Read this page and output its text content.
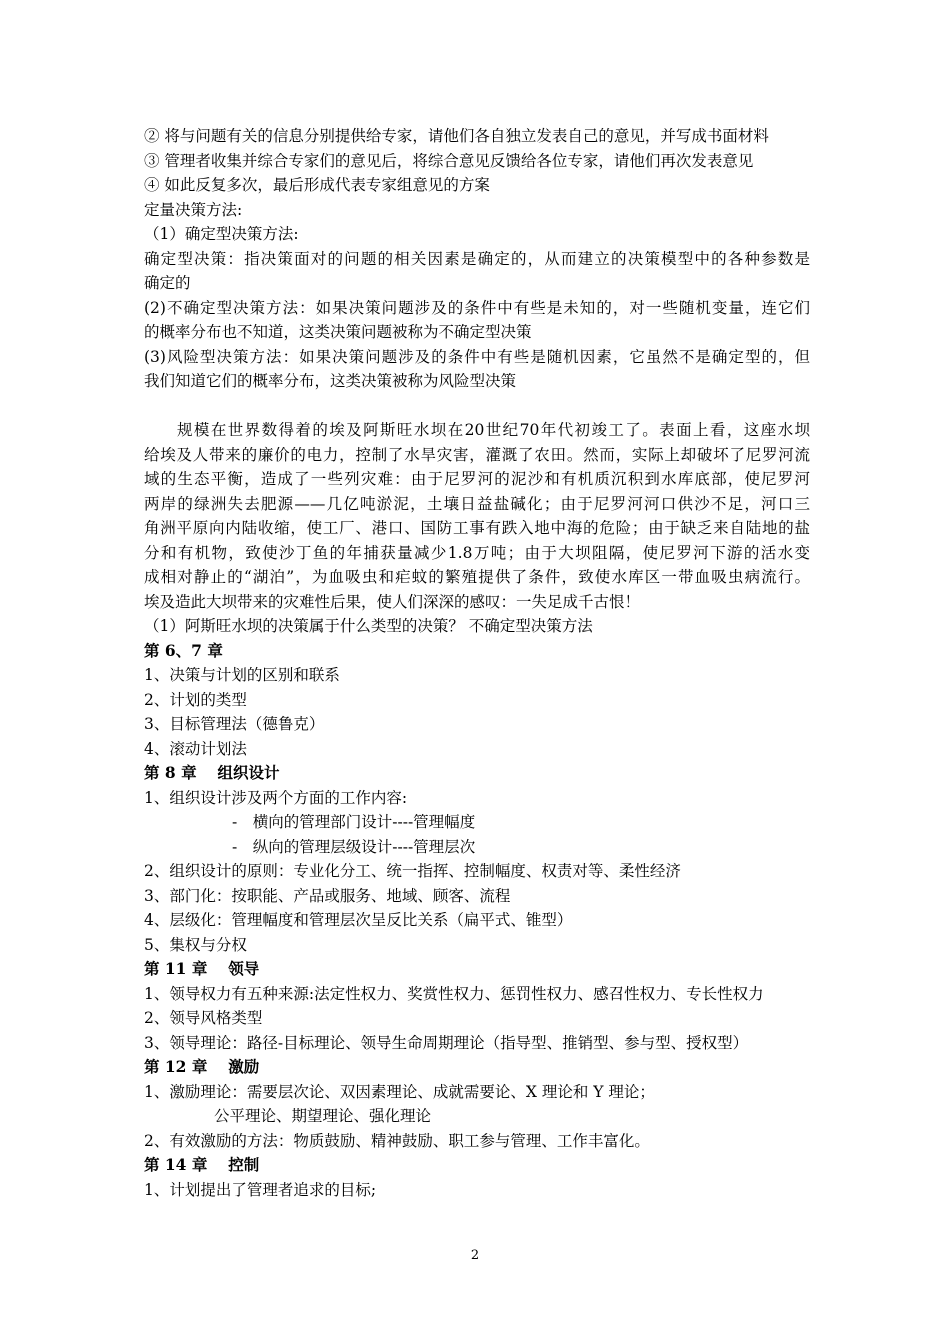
② 将与问题有关的信息分别提供给专家，请他们各自独立发表自己的意见，并写成书面材料
③ 管理者收集并综合专家们的意见后，将综合意见反馈给各位专家，请他们再次发表意见
④ 如此反复多次，最后形成代表专家组意见的方案
定量决策方法:
（1）确定型决策方法:
确定型决策：指决策面对的问题的相关因素是确定的，从而建立的决策模型中的各种参数是
确定的
(2)不确定型决策方法：如果决策问题涉及的条件中有些是未知的，对一些随机变量，连它们
的概率分布也不知道，这类决策问题被称为不确定型决策
(3)风险型决策方法：如果决策问题涉及的条件中有些是随机因素，它虽然不是确定型的，但
我们知道它们的概率分布，这类决策被称为风险型决策
规模在世界数得着的埃及阿斯旺水坝在20世纪70年代初竣工了。表面上看，这座水坝
给埃及人带来的廉价的电力，控制了水旱灾害，灌溉了农田。然而，实际上却破坏了尼罗河流
域的生态平衡，造成了一些列灾难：由于尼罗河的泥沙和有机质沉积到水库底部，使尼罗河
两岸的绿洲失去肥源——几亿吨淤泥，土壤日益盐碱化；由于尼罗河河口供沙不足，河口三
角洲平原向内陆收缩，使工厂、港口、国防工事有跌入地中海的危险；由于缺乏来自陆地的盐
分和有机物，致使沙丁鱼的年捕获量减少1.8万吨；由于大坝阻隔，使尼罗河下游的活水变
成相对静止的“湖泊”，为血吸虫和疟蚊的繁殖提供了条件，致使水库区一带血吸虫病流行。
埃及造此大坝带来的灾难性后果，使人们深深的感叹：一失足成千古恨！
（1）阿斯旺水坝的决策属于什么类型的决策？ 不确定型决策方法
第 6、7 章
1、决策与计划的区别和联系
2、计划的类型
3、目标管理法（德鲁克）
4、滚动计划法
第 8 章　 组织设计
1、组织设计涉及两个方面的工作内容:
-　横向的管理部门设计----管理幅度
-　纵向的管理层级设计----管理层次
2、组织设计的原则：专业化分工、统一指挥、控制幅度、权责对等、柔性经济
3、部门化：按职能、产品或服务、地域、顾客、流程
4、层级化：管理幅度和管理层次呈反比关系（扁平式、锥型）
5、集权与分权
第 11 章　 领导
1、领导权力有五种来源:法定性权力、奖赏性权力、惩罚性权力、感召性权力、专长性权力
2、领导风格类型
3、领导理论：路径-目标理论、领导生命周期理论（指导型、推销型、参与型、授权型）
第 12 章　 激励
1、激励理论：需要层次论、双因素理论、成就需要论、X 理论和 Y 理论；
公平理论、期望理论、强化理论
2、有效激励的方法：物质鼓励、精神鼓励、职工参与管理、工作丰富化。
第 14 章　 控制
1、计划提出了管理者追求的目标;
2
